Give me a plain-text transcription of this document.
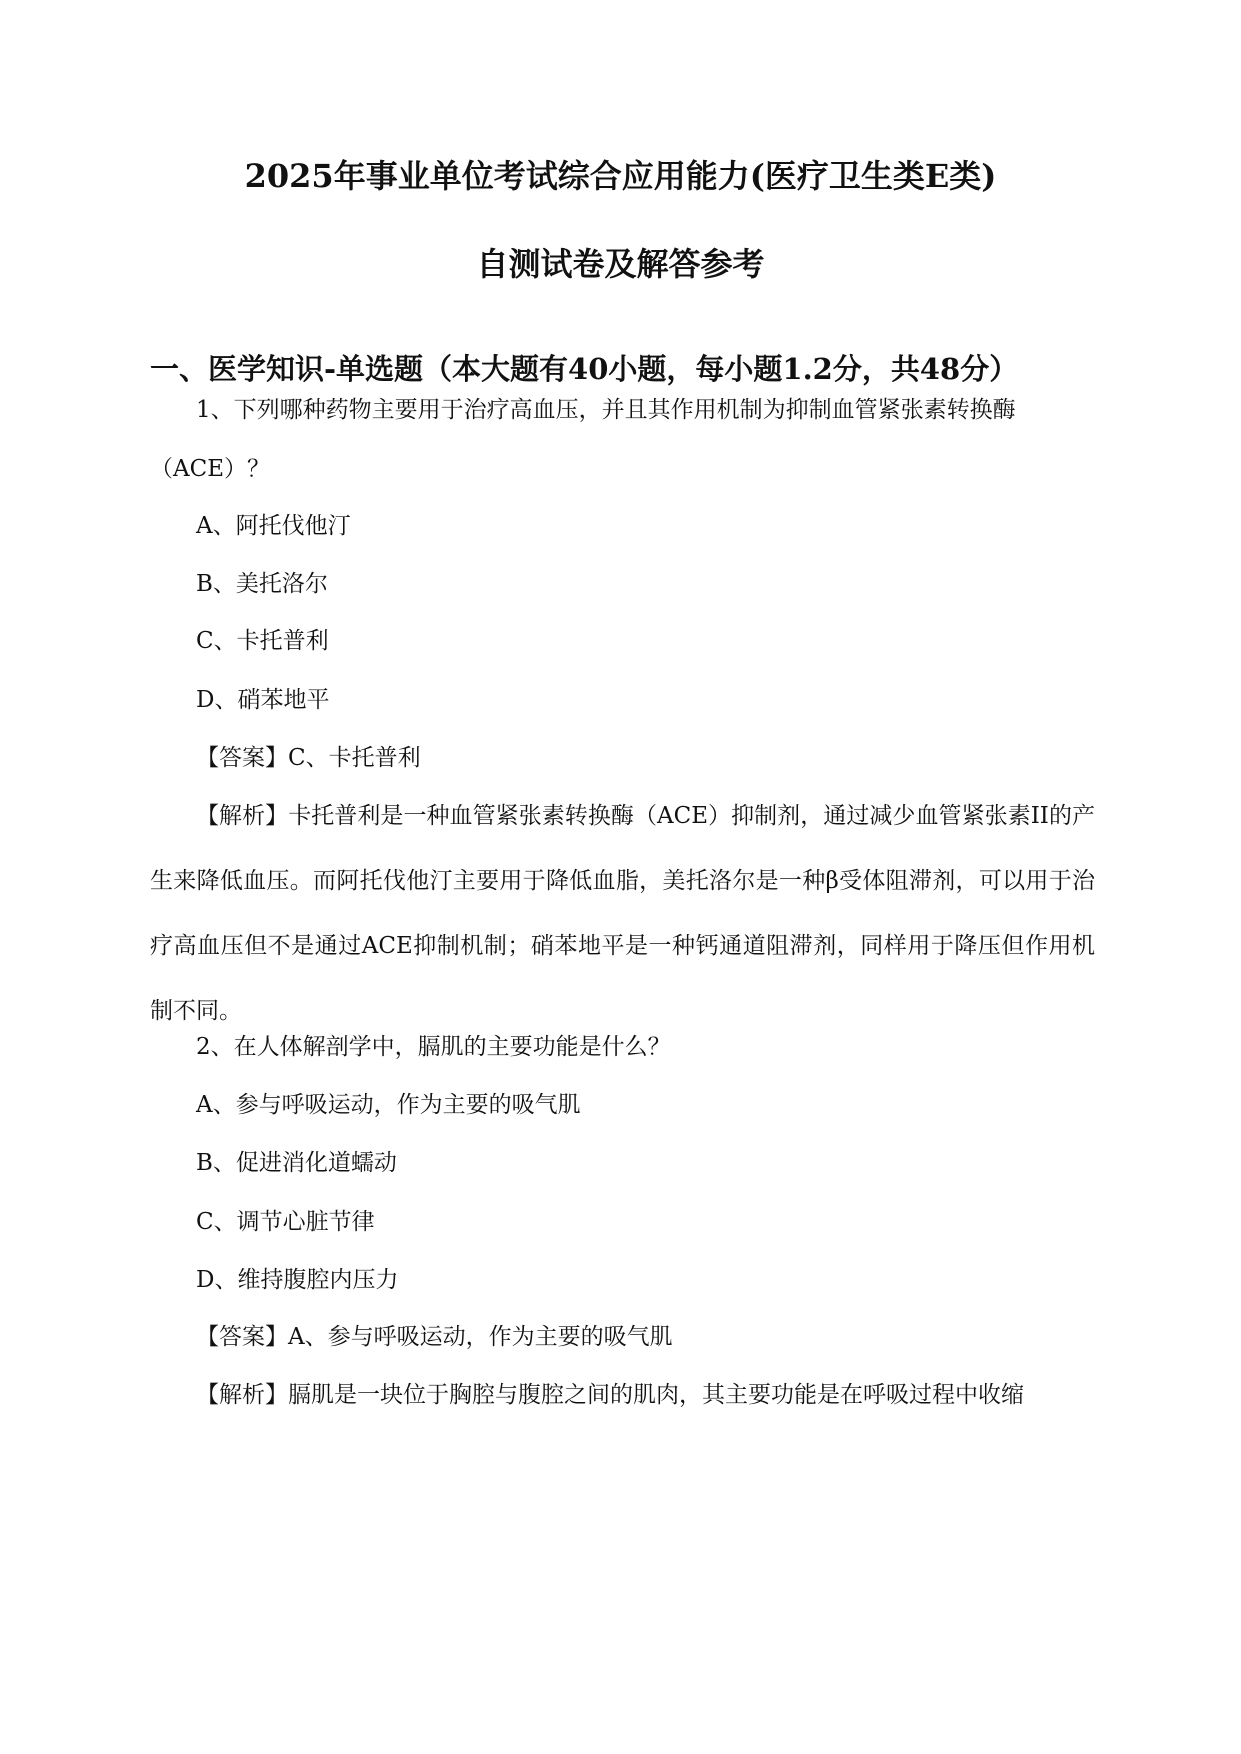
2025年事业单位考试综合应用能力(医疗卫生类E类)
自测试卷及解答参考
一、医学知识-单选题（本大题有40小题，每小题1.2分，共48分）
1、下列哪种药物主要用于治疗高血压，并且其作用机制为抑制血管紧张素转换酶
（ACE）？
A、阿托伐他汀
B、美托洛尔
C、卡托普利
D、硝苯地平
【答案】C、卡托普利
【解析】卡托普利是一种血管紧张素转换酶（ACE）抑制剂，通过减少血管紧张素II的产生来降低血压。而阿托伐他汀主要用于降低血脂，美托洛尔是一种β受体阻滞剂，可以用于治疗高血压但不是通过ACE抑制机制；硝苯地平是一种钙通道阻滞剂，同样用于降压但作用机制不同。
2、在人体解剖学中，膈肌的主要功能是什么？
A、参与呼吸运动，作为主要的吸气肌
B、促进消化道蠕动
C、调节心脏节律
D、维持腹腔内压力
【答案】A、参与呼吸运动，作为主要的吸气肌
【解析】膈肌是一块位于胸腔与腹腔之间的肌肉，其主要功能是在呼吸过程中收缩
